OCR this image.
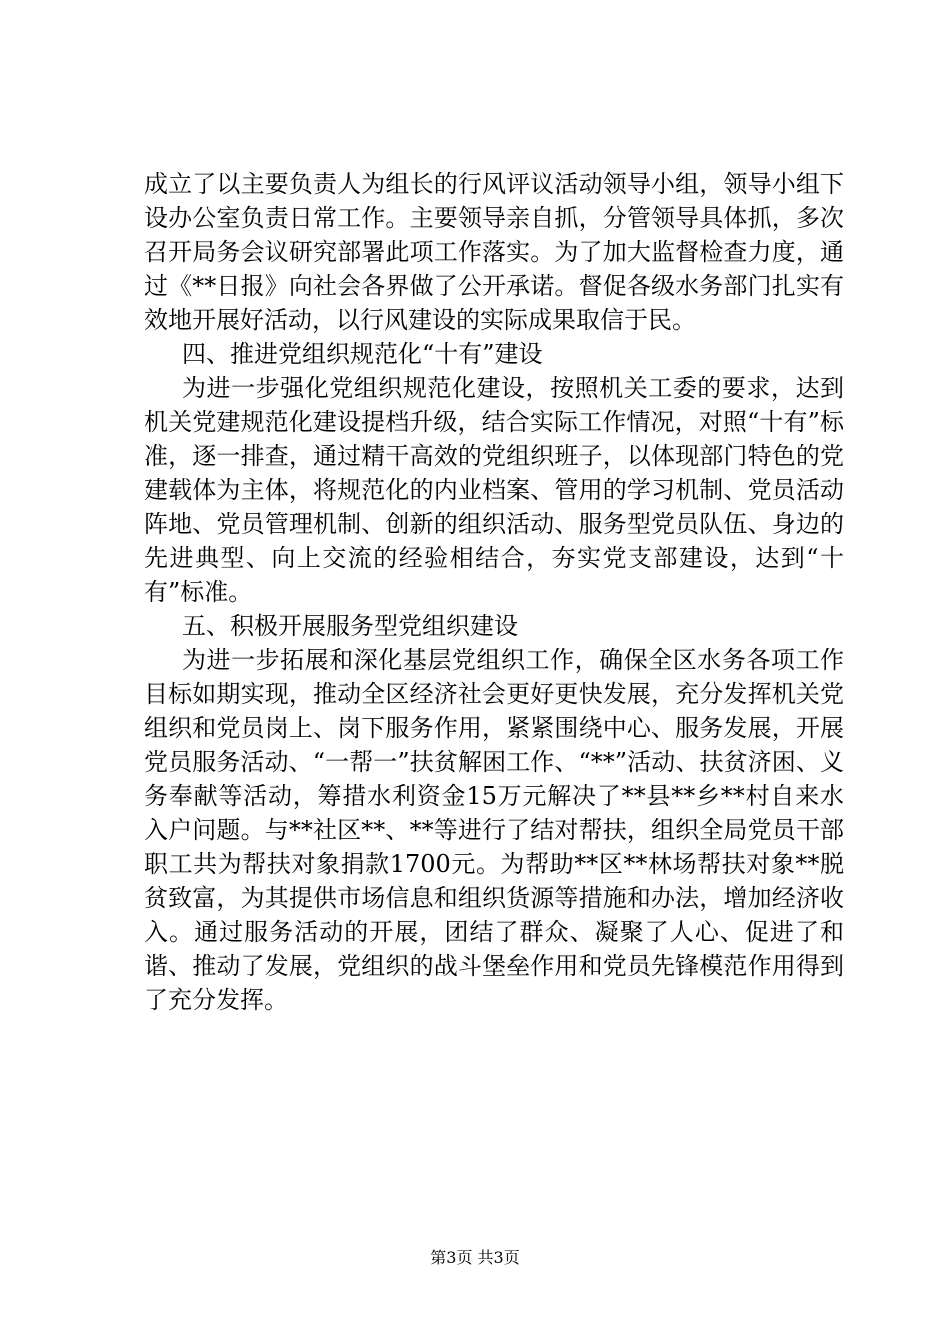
成立了以主要负责人为组长的行风评议活动领导小组，领导小组下设办公室负责日常工作。主要领导亲自抓，分管领导具体抓，多次召开局务会议研究部署此项工作落实。为了加大监督检查力度，通过《**日报》向社会各界做了公开承诺。督促各级水务部门扎实有效地开展好活动，以行风建设的实际成果取信于民。

四、推进党组织规范化“十有”建设

为进一步强化党组织规范化建设，按照机关工委的要求，达到机关党建规范化建设提档升级，结合实际工作情况，对照“十有”标准，逐一排查，通过精干高效的党组织班子，以体现部门特色的党建载体为主体，将规范化的内业档案、管用的学习机制、党员活动阵地、党员管理机制、创新的组织活动、服务型党员队伍、身边的先进典型、向上交流的经验相结合，夯实党支部建设，达到“十有”标准。

五、积极开展服务型党组织建设

为进一步拓展和深化基层党组织工作，确保全区水务各项工作目标如期实现，推动全区经济社会更好更快发展，充分发挥机关党组织和党员岗上、岗下服务作用，紧紧围绕中心、服务发展，开展党员服务活动、“一帮一”扶贫解困工作、“**”活动、扶贫济困、义务奉献等活动，筹措水利资金15万元解决了**县**乡**村自来水入户问题。与**社区**、**等进行了结对帮扶，组织全局党员干部职工共为帮扶对象捐款1700元。为帮助**区**林场帮扶对象**脱贫致富，为其提供市场信息和组织货源等措施和办法，增加经济收入。通过服务活动的开展，团结了群众、凝聚了人心、促进了和谐、推动了发展，党组织的战斗堡垒作用和党员先锋模范作用得到了充分发挥。

第3页 共3页
